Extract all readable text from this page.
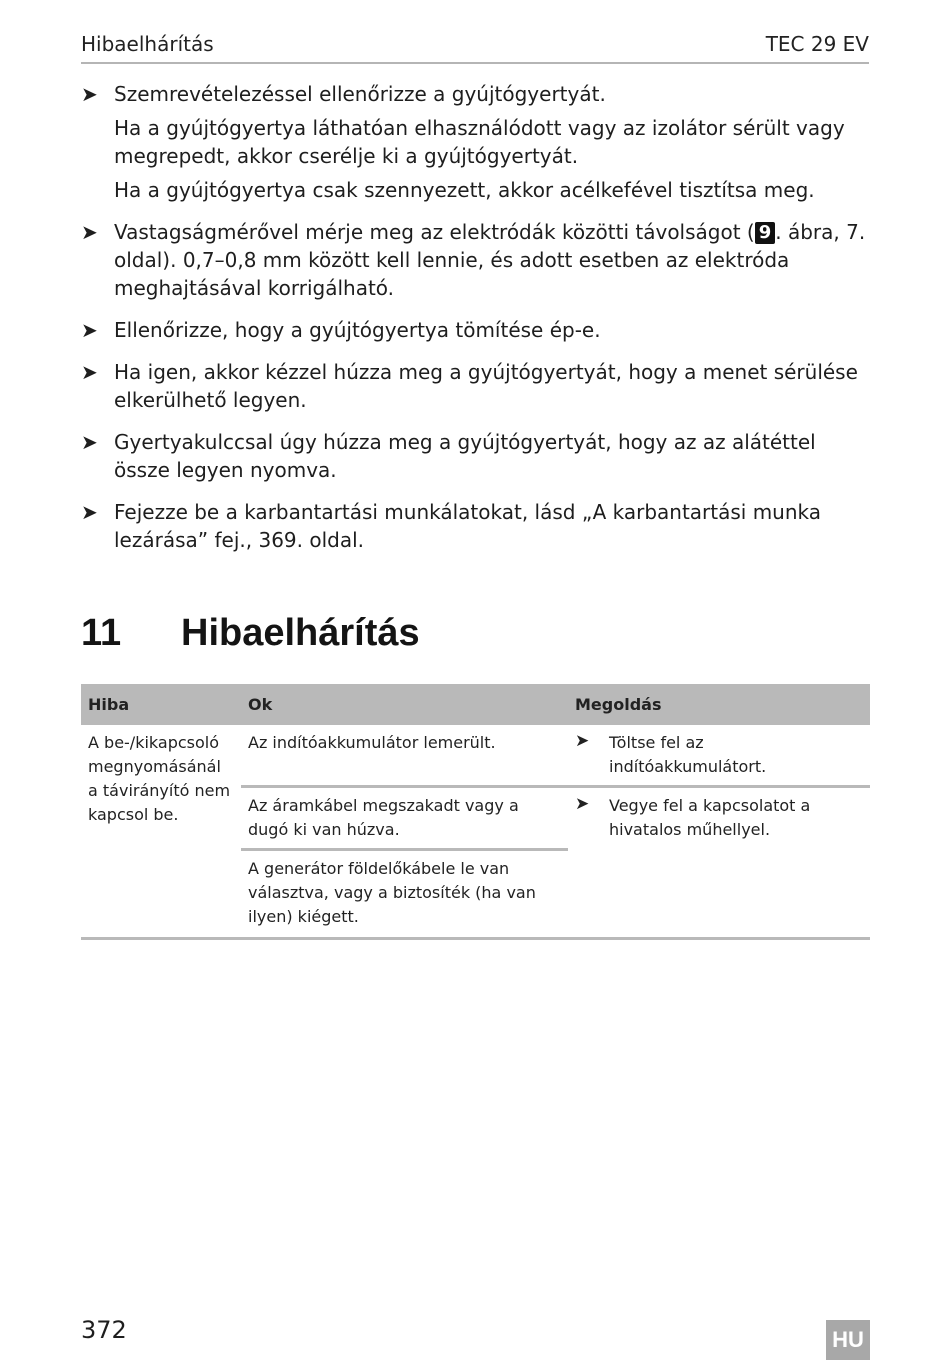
Hibaelhárítás	TEC 29 EV
➤ Szemrevételezéssel ellenőrizze a gyújtógyertyát.

Ha a gyújtógyertya láthatóan elhasználódott vagy az izolátor sérült vagy megrepedt, akkor cserélje ki a gyújtógyertyát.

Ha a gyújtógyertya csak szennyezett, akkor acélkefével tisztítsa meg.

➤ Vastagságmérővel mérje meg az elektródák közötti távolságot ( 9 . ábra, 7. oldal). 0,7–0,8 mm között kell lennie, és adott esetben az elektróda meghajtásával korrigálható.

➤ Ellenőrizze, hogy a gyújtógyertya tömítése ép-e.

➤ Ha igen, akkor kézzel húzza meg a gyújtógyertyát, hogy a menet sérülése elkerülhető legyen.

➤ Gyertyakulccsal úgy húzza meg a gyújtógyertyát, hogy az az alátéttel össze legyen nyomva.

➤ Fejezze be a karbantartási munkálatokat, lásd „A karbantartási munka lezárása” fej., 369. oldal.

11 Hibaelhárítás
Hiba	Ok	Megoldás
A be-/kikapcsoló megnyomásánál a távirányító nem kapcsol be.	Az indítóakkumulátor lemerült.	➤ Töltse fel az indítóakkumulátort.

	Az áramkábel megszakadt vagy a dugó ki van húzva.	➤ Vegye fel a kapcsolatot a hivatalos műhellyel.

	A generátor földelőkábele le van választva, vagy a biztosíték (ha van ilyen) kiégett.	
372	HU
